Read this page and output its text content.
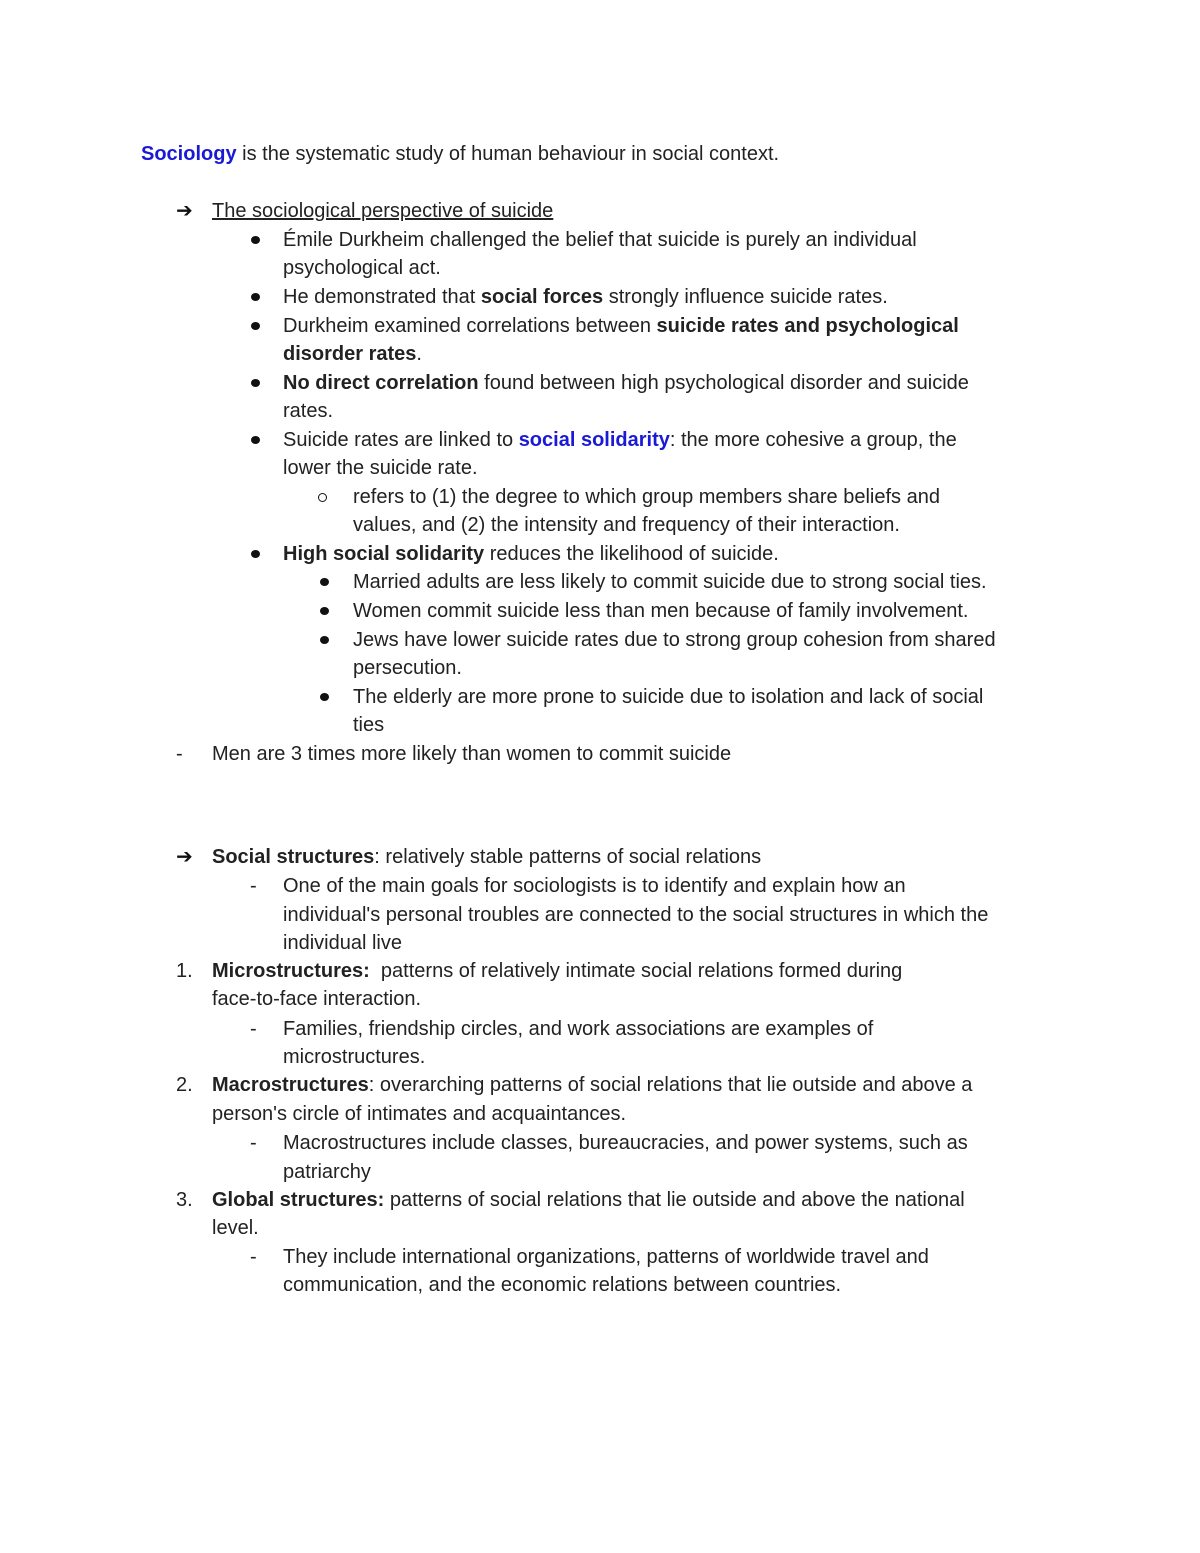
Sociology is the systematic study of human behaviour in social context.
➔ The sociological perspective of suicide
Émile Durkheim challenged the belief that suicide is purely an individual
psychological act.
He demonstrated that social forces strongly influence suicide rates.
Durkheim examined correlations between suicide rates and psychological
disorder rates.
No direct correlation found between high psychological disorder and suicide
rates.
Suicide rates are linked to social solidarity: the more cohesive a group, the
lower the suicide rate.
refers to (1) the degree to which group members share beliefs and
values, and (2) the intensity and frequency of their interaction.
High social solidarity reduces the likelihood of suicide.
Married adults are less likely to commit suicide due to strong social ties.
Women commit suicide less than men because of family involvement.
Jews have lower suicide rates due to strong group cohesion from shared
persecution.
The elderly are more prone to suicide due to isolation and lack of social
ties
- Men are 3 times more likely than women to commit suicide
➔ Social structures: relatively stable patterns of social relations
- One of the main goals for sociologists is to identify and explain how an
individual's personal troubles are connected to the social structures in which the
individual live
1. Microstructures:  patterns of relatively intimate social relations formed during
face-to-face interaction.
- Families, friendship circles, and work associations are examples of
microstructures.
2. Macrostructures: overarching patterns of social relations that lie outside and above a
person's circle of intimates and acquaintances.
- Macrostructures include classes, bureaucracies, and power systems, such as
patriarchy
3. Global structures: patterns of social relations that lie outside and above the national
level.
- They include international organizations, patterns of worldwide travel and
communication, and the economic relations between countries.
